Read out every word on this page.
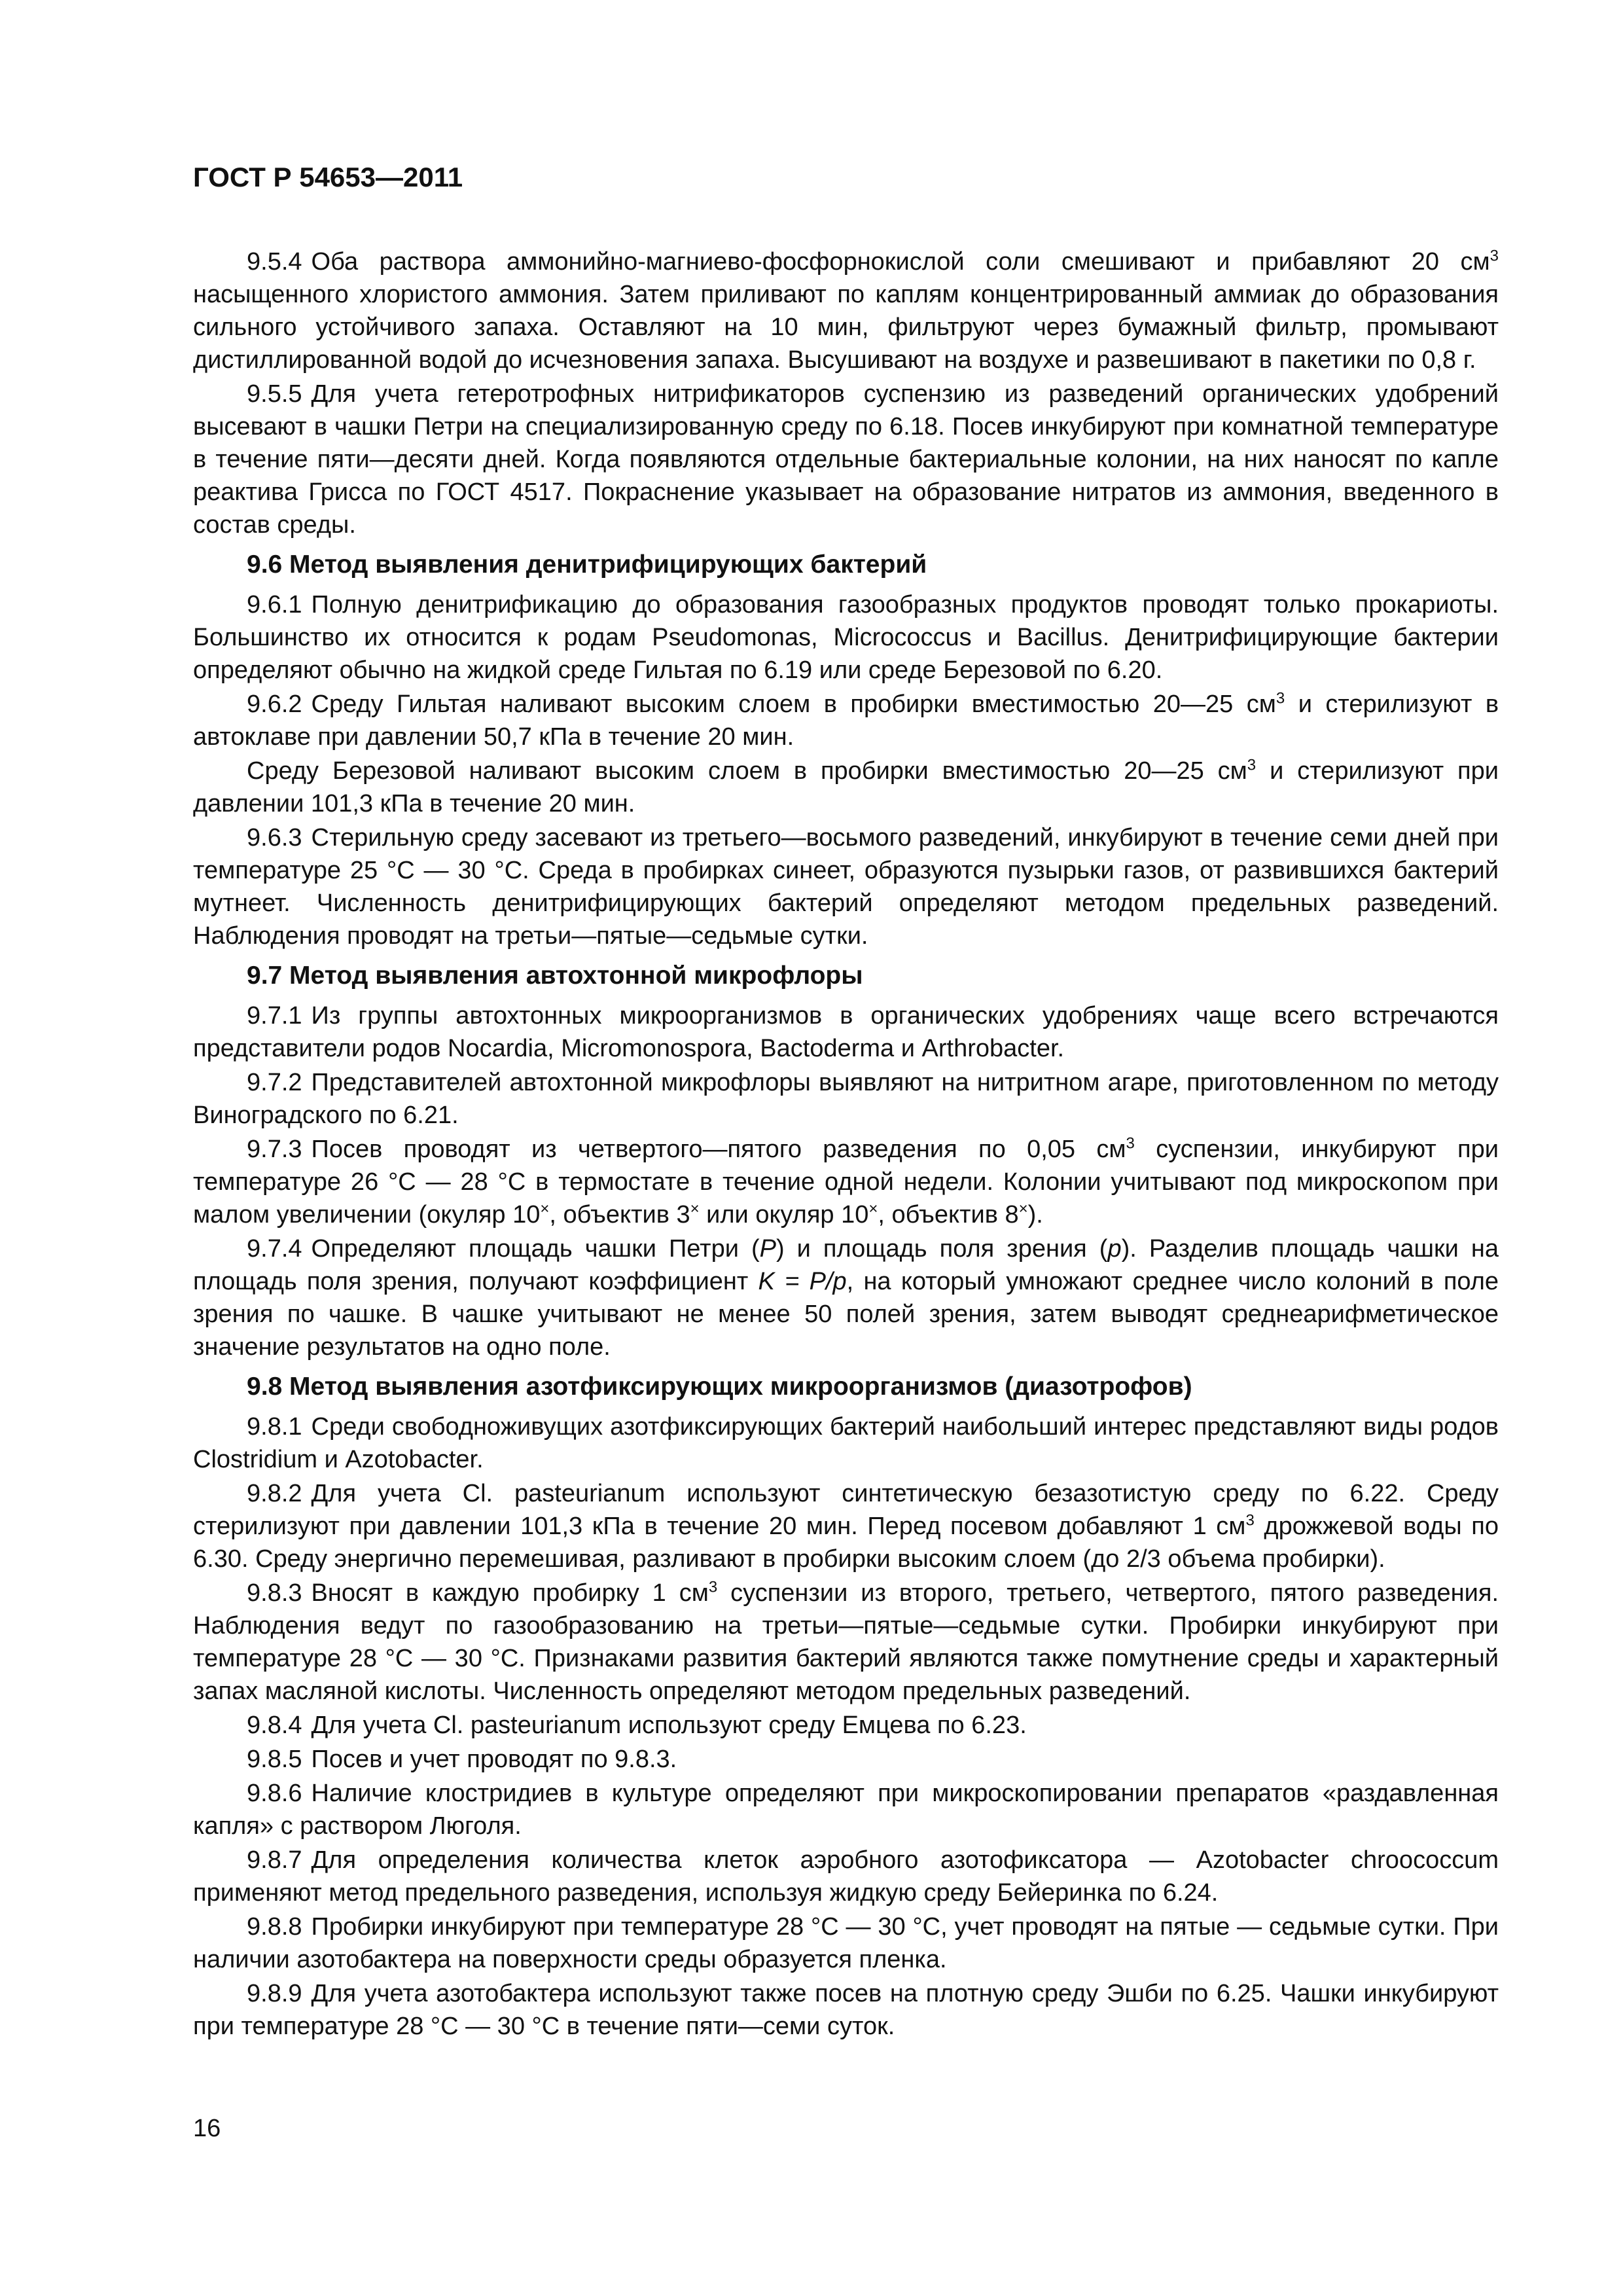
ГОСТ Р 54653—2011

9.5.4 Оба раствора аммонийно-магниево-фосфорнокислой соли смешивают и прибавляют 20 $см^3$ насыщенного хлористого аммония. Затем приливают по каплям концентрированный аммиак до образования сильного устойчивого запаха. Оставляют на 10 мин, фильтруют через бумажный фильтр, промывают дистиллированной водой до исчезновения запаха. Высушивают на воздухе и развешивают в пакетики по 0,8 г.

9.5.5 Для учета гетеротрофных нитрификаторов суспензию из разведений органических удобрений высевают в чашки Петри на специализированную среду по 6.18. Посев инкубируют при комнатной температуре в течение пяти—десяти дней. Когда появляются отдельные бактериальные колонии, на них наносят по капле реактива Грисса по ГОСТ 4517. Покраснение указывает на образование нитратов из аммония, введенного в состав среды.

9.6 Метод выявления денитрифицирующих бактерий

9.6.1 Полную денитрификацию до образования газообразных продуктов проводят только прокариоты. Большинство их относится к родам Pseudomonas, Micrococcus и Bacillus. Денитрифицирующие бактерии определяют обычно на жидкой среде Гильтая по 6.19 или среде Березовой по 6.20.

9.6.2 Среду Гильтая наливают высоким слоем в пробирки вместимостью 20—25 $см^3$ и стерилизуют в автоклаве при давлении 50,7 кПа в течение 20 мин.

Среду Березовой наливают высоким слоем в пробирки вместимостью 20—25 $см^3$ и стерилизуют при давлении 101,3 кПа в течение 20 мин.

9.6.3 Стерильную среду засевают из третьего—восьмого разведений, инкубируют в течение семи дней при температуре 25 °С — 30 °С. Среда в пробирках синеет, образуются пузырьки газов, от развившихся бактерий мутнеет. Численность денитрифицирующих бактерий определяют методом предельных разведений. Наблюдения проводят на третьи—пятые—седьмые сутки.

9.7 Метод выявления автохтонной микрофлоры

9.7.1 Из группы автохтонных микроорганизмов в органических удобрениях чаще всего встречаются представители родов Nocardia, Micromonospora, Bactoderma и Arthrobacter.

9.7.2 Представителей автохтонной микрофлоры выявляют на нитритном агаре, приготовленном по методу Виноградского по 6.21.

9.7.3 Посев проводят из четвертого—пятого разведения по 0,05 $см^3$ суспензии, инкубируют при температуре 26 °С — 28 °С в термостате в течение одной недели. Колонии учитывают под микроскопом при малом увеличении (окуляр 10×, объектив 3× или окуляр 10×, объектив 8×).

9.7.4 Определяют площадь чашки Петри (Р) и площадь поля зрения (р). Разделив площадь чашки на площадь поля зрения, получают коэффициент K = P/p, на который умножают среднее число колоний в поле зрения по чашке. В чашке учитывают не менее 50 полей зрения, затем выводят среднеарифметическое значение результатов на одно поле.

9.8 Метод выявления азотфиксирующих микроорганизмов (диазотрофов)

9.8.1 Среди свободноживущих азотфиксирующих бактерий наибольший интерес представляют виды родов Clostridium и Azotobacter.

9.8.2 Для учета Cl. pasteurianum используют синтетическую безазотистую среду по 6.22. Среду стерилизуют при давлении 101,3 кПа в течение 20 мин. Перед посевом добавляют 1 $см^3$ дрожжевой воды по 6.30. Среду энергично перемешивая, разливают в пробирки высоким слоем (до 2/3 объема пробирки).

9.8.3 Вносят в каждую пробирку 1 $см^3$ суспензии из второго, третьего, четвертого, пятого разведения. Наблюдения ведут по газообразованию на третьи—пятые—седьмые сутки. Пробирки инкубируют при температуре 28 °С — 30 °С. Признаками развития бактерий являются также помутнение среды и характерный запах масляной кислоты. Численность определяют методом предельных разведений.

9.8.4 Для учета Cl. pasteurianum используют среду Емцева по 6.23.

9.8.5 Посев и учет проводят по 9.8.3.

9.8.6 Наличие клостридиев в культуре определяют при микроскопировании препаратов «раздавленная капля» с раствором Люголя.

9.8.7 Для определения количества клеток аэробного азотофиксатора — Azotobacter chroococcum применяют метод предельного разведения, используя жидкую среду Бейеринка по 6.24.

9.8.8 Пробирки инкубируют при температуре 28 °С — 30 °С, учет проводят на пятые — седьмые сутки. При наличии азотобактера на поверхности среды образуется пленка.

9.8.9 Для учета азотобактера используют также посев на плотную среду Эшби по 6.25. Чашки инкубируют при температуре 28 °С — 30 °С в течение пяти—семи суток.

16
